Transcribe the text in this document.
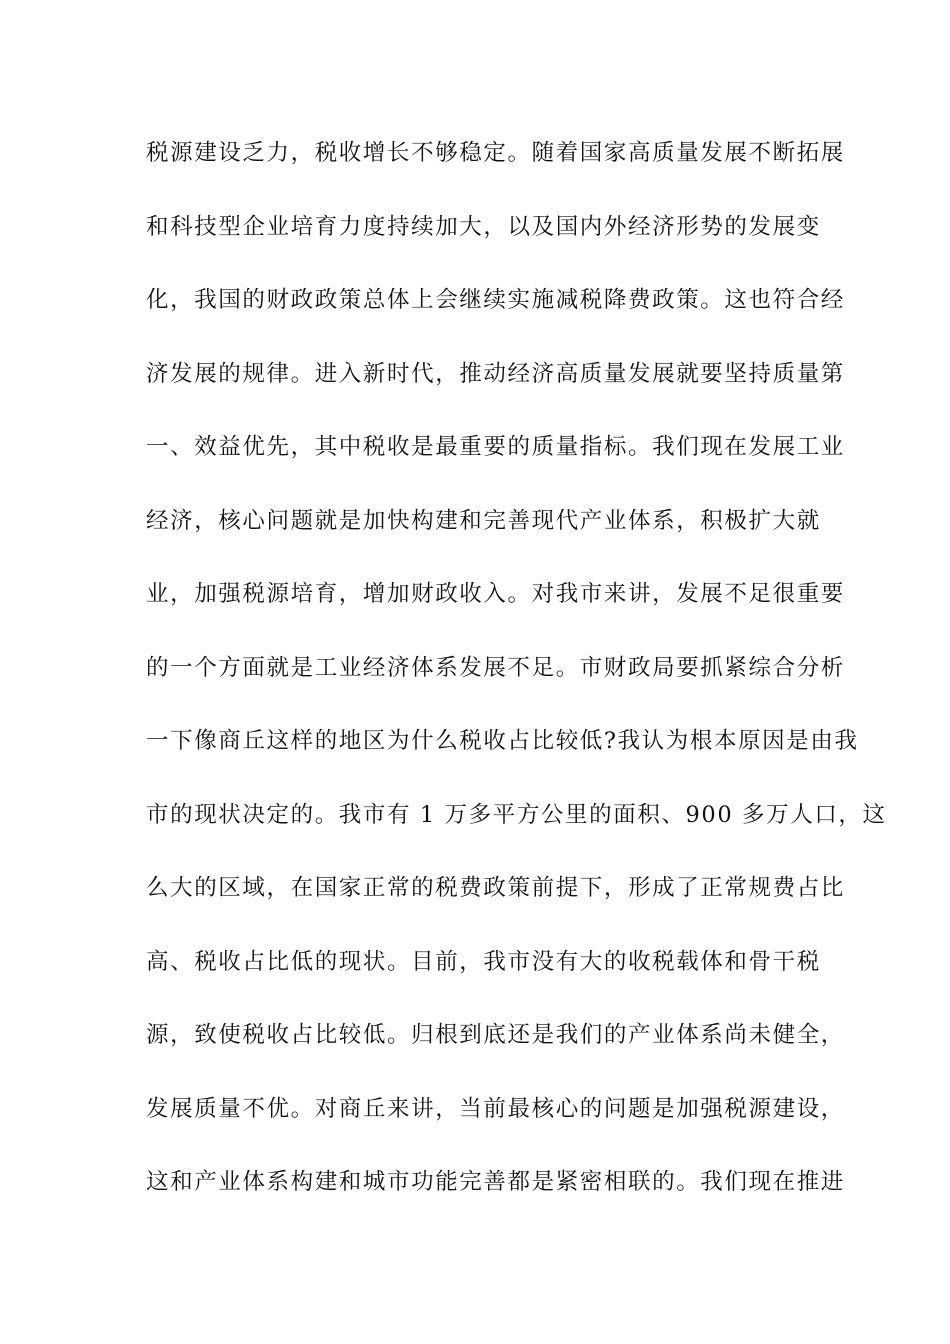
税源建设乏力，税收增长不够稳定。随着国家高质量发展不断拓展
和科技型企业培育力度持续加大，以及国内外经济形势的发展变
化，我国的财政政策总体上会继续实施减税降费政策。这也符合经
济发展的规律。进入新时代，推动经济高质量发展就要坚持质量第
一、效益优先，其中税收是最重要的质量指标。我们现在发展工业
经济，核心问题就是加快构建和完善现代产业体系，积极扩大就
业，加强税源培育，增加财政收入。对我市来讲，发展不足很重要
的一个方面就是工业经济体系发展不足。市财政局要抓紧综合分析
一下像商丘这样的地区为什么税收占比较低?我认为根本原因是由我
市的现状决定的。我市有 1 万多平方公里的面积、900 多万人口，这
么大的区域，在国家正常的税费政策前提下，形成了正常规费占比
高、税收占比低的现状。目前，我市没有大的收税载体和骨干税
源，致使税收占比较低。归根到底还是我们的产业体系尚未健全，
发展质量不优。对商丘来讲，当前最核心的问题是加强税源建设，
这和产业体系构建和城市功能完善都是紧密相联的。我们现在推进
